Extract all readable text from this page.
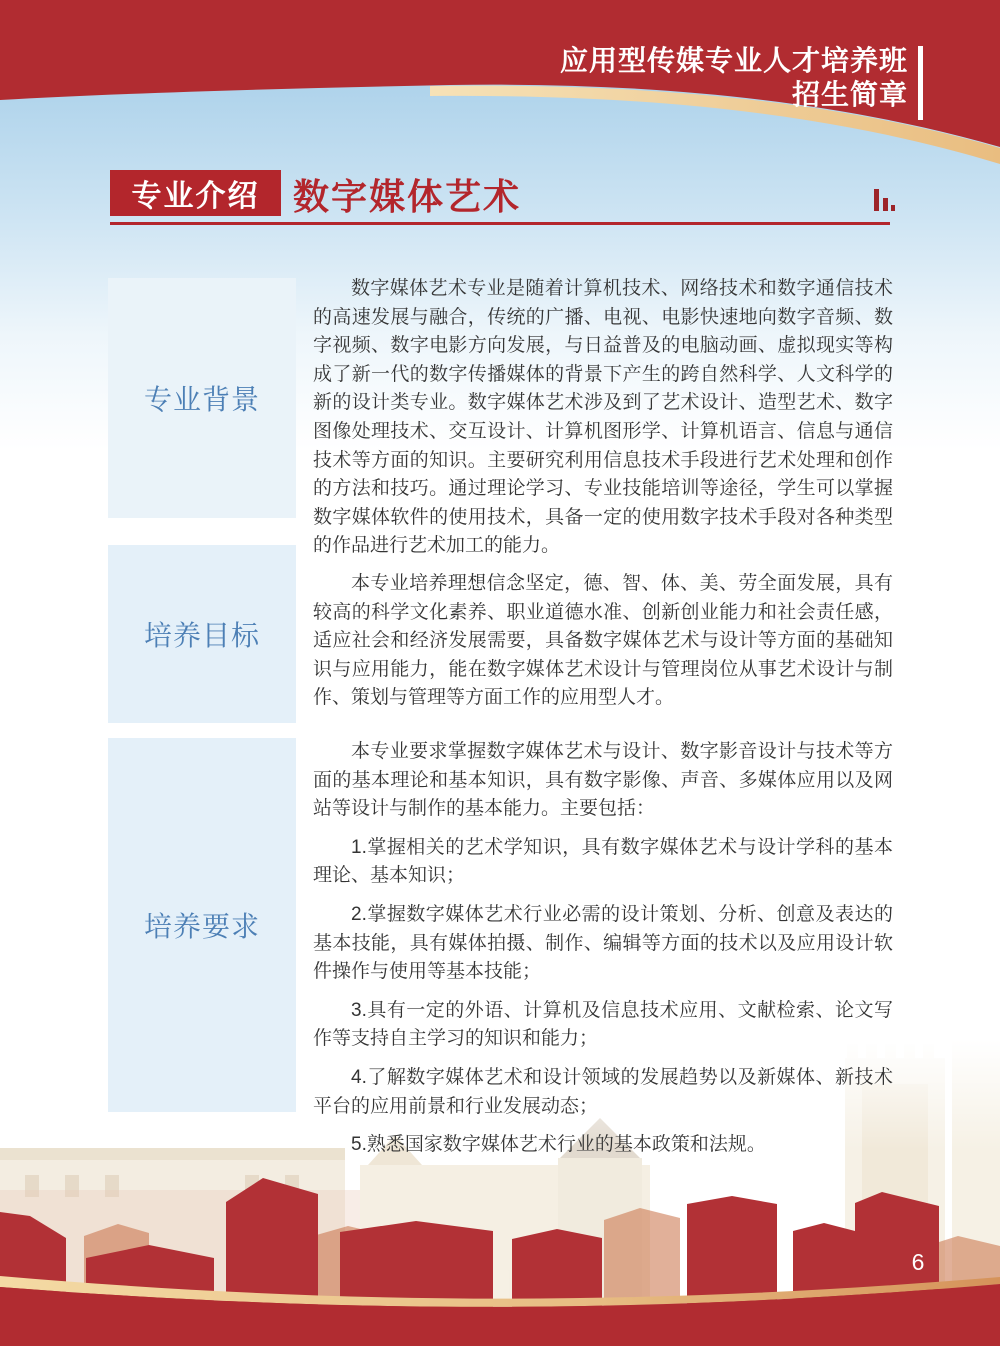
应用型传媒专业人才培养班
招生简章
专业介绍 数字媒体艺术
专业背景

数字媒体艺术专业是随着计算机技术、网络技术和数字通信技术的高速发展与融合，传统的广播、电视、电影快速地向数字音频、数字视频、数字电影方向发展，与日益普及的电脑动画、虚拟现实等构成了新一代的数字传播媒体的背景下产生的跨自然科学、人文科学的新的设计类专业。数字媒体艺术涉及到了艺术设计、造型艺术、数字图像处理技术、交互设计、计算机图形学、计算机语言、信息与通信技术等方面的知识。主要研究利用信息技术手段进行艺术处理和创作的方法和技巧。通过理论学习、专业技能培训等途径，学生可以掌握数字媒体软件的使用技术，具备一定的使用数字技术手段对各种类型的作品进行艺术加工的能力。

培养目标

本专业培养理想信念坚定，德、智、体、美、劳全面发展，具有较高的科学文化素养、职业道德水准、创新创业能力和社会责任感，适应社会和经济发展需要，具备数字媒体艺术与设计等方面的基础知识与应用能力，能在数字媒体艺术设计与管理岗位从事艺术设计与制作、策划与管理等方面工作的应用型人才。

培养要求

本专业要求掌握数字媒体艺术与设计、数字影音设计与技术等方面的基本理论和基本知识，具有数字影像、声音、多媒体应用以及网站等设计与制作的基本能力。主要包括：

1.掌握相关的艺术学知识，具有数字媒体艺术与设计学科的基本理论、基本知识；

2.掌握数字媒体艺术行业必需的设计策划、分析、创意及表达的基本技能，具有媒体拍摄、制作、编辑等方面的技术以及应用设计软件操作与使用等基本技能；

3.具有一定的外语、计算机及信息技术应用、文献检索、论文写作等支持自主学习的知识和能力；

4.了解数字媒体艺术和设计领域的发展趋势以及新媒体、新技术平台的应用前景和行业发展动态；

5.熟悉国家数字媒体艺术行业的基本政策和法规。

6
